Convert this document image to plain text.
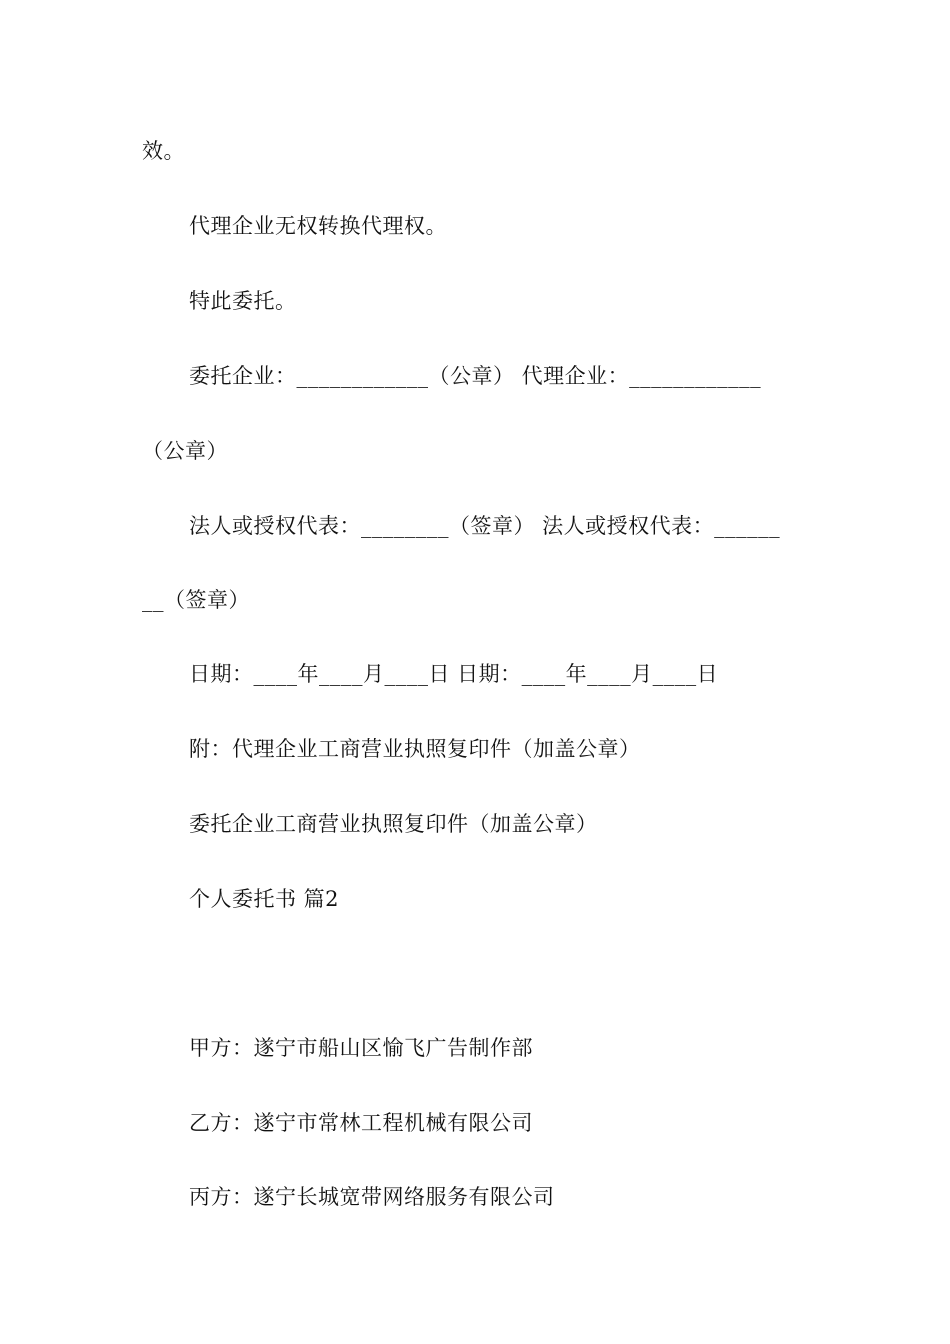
效。
代理企业无权转换代理权。
特此委托。
委托企业：____________（公章） 代理企业：____________
（公章）
法人或授权代表：________（签章） 法人或授权代表：______
__（签章）
日期：____年____月____日 日期：____年____月____日
附：代理企业工商营业执照复印件（加盖公章）
委托企业工商营业执照复印件（加盖公章）
个人委托书 篇2
甲方：遂宁市船山区愉飞广告制作部
乙方：遂宁市常林工程机械有限公司
丙方：遂宁长城宽带网络服务有限公司
